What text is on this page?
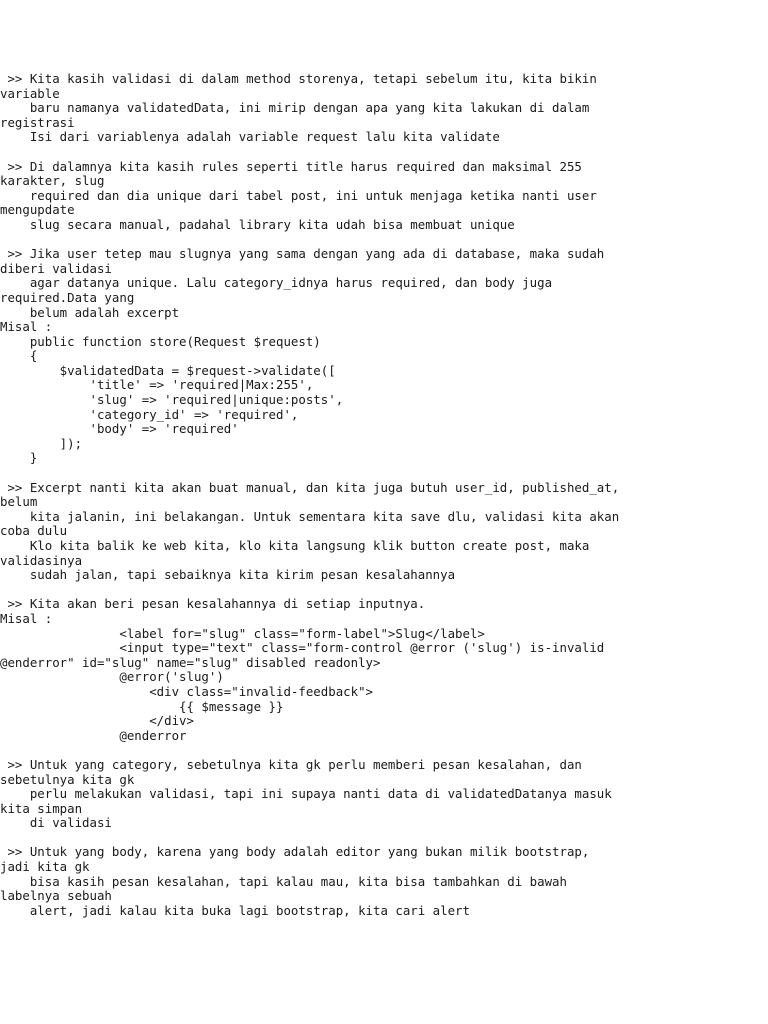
>> Kita kasih validasi di dalam method storenya, tetapi sebelum itu, kita bikin

variable

baru namanya validatedData, ini mirip dengan apa yang kita lakukan di dalam

registrasi

Isi dari variablenya adalah variable request lalu kita validate

>> Di dalamnya kita kasih rules seperti title harus required dan maksimal 255

karakter, slug

required dan dia unique dari tabel post, ini untuk menjaga ketika nanti user

mengupdate

slug secara manual, padahal library kita udah bisa membuat unique

>> Jika user tetep mau slugnya yang sama dengan yang ada di database, maka sudah

diberi validasi

agar datanya unique. Lalu category_idnya harus required, dan body juga

required.Data yang

belum adalah excerpt

Misal :

public function store(Request $request)

{

$validatedData = $request->validate([

'title' => 'required|Max:255',

'slug' => 'required|unique:posts',

'category_id' => 'required',

'body' => 'required'

]);

}

>> Excerpt nanti kita akan buat manual, dan kita juga butuh user_id, published_at,

belum

kita jalanin, ini belakangan. Untuk sementara kita save dlu, validasi kita akan

coba dulu

Klo kita balik ke web kita, klo kita langsung klik button create post, maka

validasinya

sudah jalan, tapi sebaiknya kita kirim pesan kesalahannya

>> Kita akan beri pesan kesalahannya di setiap inputnya.

Misal :

<label for="slug" class="form-label">Slug</label>

<input type="text" class="form-control @error ('slug') is-invalid

@enderror" id="slug" name="slug" disabled readonly>

@error('slug')

<div class="invalid-feedback">

{{ $message }}

</div>

@enderror

>> Untuk yang category, sebetulnya kita gk perlu memberi pesan kesalahan, dan

sebetulnya kita gk

perlu melakukan validasi, tapi ini supaya nanti data di validatedDatanya masuk

kita simpan

di validasi

>> Untuk yang body, karena yang body adalah editor yang bukan milik bootstrap,

jadi kita gk

bisa kasih pesan kesalahan, tapi kalau mau, kita bisa tambahkan di bawah

labelnya sebuah

alert, jadi kalau kita buka lagi bootstrap, kita cari alert
